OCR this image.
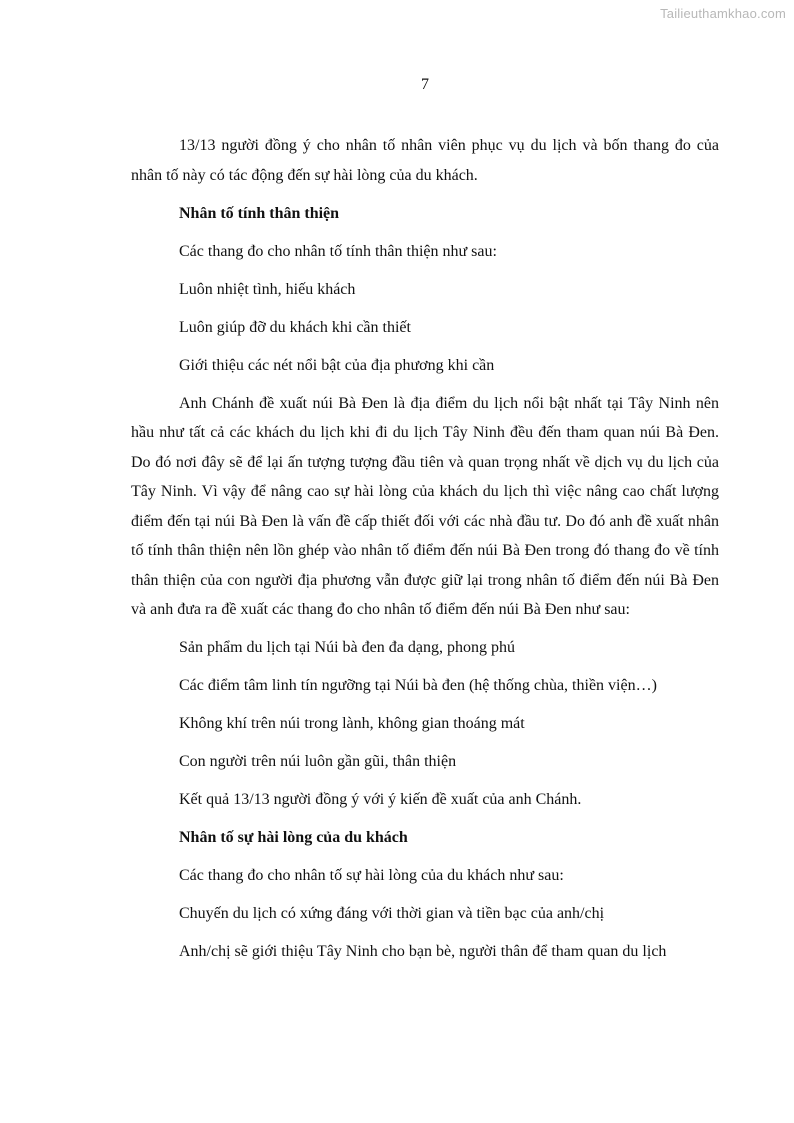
Tailieuthamkhao.com
7

13/13 người đồng ý cho nhân tố nhân viên phục vụ du lịch và bốn thang đo của nhân tố này có tác động đến sự hài lòng của du khách.

Nhân tố tính thân thiện

Các thang đo cho nhân tố tính thân thiện như sau:

Luôn nhiệt tình, hiếu khách

Luôn giúp đỡ du khách khi cần thiết

Giới thiệu các nét nổi bật của địa phương khi cần

Anh Chánh đề xuất núi Bà Đen là địa điểm du lịch nổi bật nhất tại Tây Ninh nên hầu như tất cả các khách du lịch khi đi du lịch Tây Ninh đều đến tham quan núi Bà Đen. Do đó nơi đây sẽ để lại ấn tượng tượng đầu tiên và quan trọng nhất về dịch vụ du lịch của Tây Ninh. Vì vậy để nâng cao sự hài lòng của khách du lịch thì việc nâng cao chất lượng điểm đến tại núi Bà Đen là vấn đề cấp thiết đối với các nhà đầu tư. Do đó anh đề xuất nhân tố tính thân thiện nên lồn ghép vào nhân tố điểm đến núi Bà Đen trong đó thang đo về tính thân thiện của con người địa phương vẫn được giữ lại trong nhân tố điểm đến núi Bà Đen và anh đưa ra đề xuất các thang đo cho nhân tố điểm đến núi Bà Đen như sau:

Sản phẩm du lịch tại Núi bà đen đa dạng, phong phú

Các điểm tâm linh tín ngưỡng tại Núi bà đen (hệ thống chùa, thiền viện…)

Không khí trên núi trong lành, không gian thoáng mát

Con người trên núi luôn gần gũi, thân thiện

Kết quả 13/13 người đồng ý với ý kiến đề xuất của anh Chánh.

Nhân tố sự hài lòng của du khách

Các thang đo cho nhân tố sự hài lòng của du khách như sau:

Chuyến du lịch có xứng đáng với thời gian và tiền bạc của anh/chị

Anh/chị sẽ giới thiệu Tây Ninh cho bạn bè, người thân để tham quan du lịch
